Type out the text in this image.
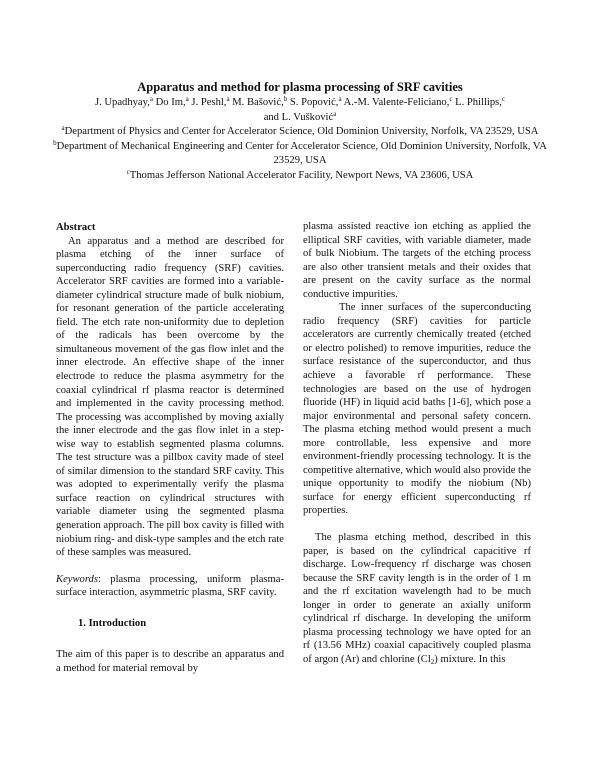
Apparatus and method for plasma processing of SRF cavities

J. Upadhyay,$^a$ Do Im,$^a$ J. Peshl,$^a$ M. Bašović,$^b$ S. Popović,$^a$ A.-M. Valente-Feliciano,$^c$ L. Phillips,$^c$
and L. Vušković$^a$

$^a$Department of Physics and Center for Accelerator Science, Old Dominion University, Norfolk, VA 23529, USA

$^b$Department of Mechanical Engineering and Center for Accelerator Science, Old Dominion University, Norfolk, VA 23529, USA

$^c$Thomas Jefferson National Accelerator Facility, Newport News, VA 23606, USA

Abstract

An apparatus and a method are described for plasma etching of the inner surface of superconducting radio frequency (SRF) cavities. Accelerator SRF cavities are formed into a variable-diameter cylindrical structure made of bulk niobium, for resonant generation of the particle accelerating field. The etch rate non-uniformity due to depletion of the radicals has been overcome by the simultaneous movement of the gas flow inlet and the inner electrode. An effective shape of the inner electrode to reduce the plasma asymmetry for the coaxial cylindrical rf plasma reactor is determined and implemented in the cavity processing method. The processing was accomplished by moving axially the inner electrode and the gas flow inlet in a step-wise way to establish segmented plasma columns. The test structure was a pillbox cavity made of steel of similar dimension to the standard SRF cavity. This was adopted to experimentally verify the plasma surface reaction on cylindrical structures with variable diameter using the segmented plasma generation approach. The pill box cavity is filled with niobium ring- and disk-type samples and the etch rate of these samples was measured.

Keywords: plasma processing, uniform plasma-surface interaction, asymmetric plasma, SRF cavity.

1. Introduction

The aim of this paper is to describe an apparatus and a method for material removal by

plasma assisted reactive ion etching as applied the elliptical SRF cavities, with variable diameter, made of bulk Niobium. The targets of the etching process are also other transient metals and their oxides that are present on the cavity surface as the normal conductive impurities.

The inner surfaces of the superconducting radio frequency (SRF) cavities for particle accelerators are currently chemically treated (etched or electro polished) to remove impurities, reduce the surface resistance of the superconductor, and thus achieve a favorable rf performance. These technologies are based on the use of hydrogen fluoride (HF) in liquid acid baths [1-6], which pose a major environmental and personal safety concern. The plasma etching method would present a much more controllable, less expensive and more environment-friendly processing technology. It is the competitive alternative, which would also provide the unique opportunity to modify the niobium (Nb) surface for energy efficient superconducting rf properties.

The plasma etching method, described in this paper, is based on the cylindrical capacitive rf discharge. Low-frequency rf discharge was chosen because the SRF cavity length is in the order of 1 m and the rf excitation wavelength had to be much longer in order to generate an axially uniform cylindrical rf discharge. In developing the uniform plasma processing technology we have opted for an rf (13.56 MHz) coaxial capacitively coupled plasma of argon (Ar) and chlorine $(Cl_2)$ mixture. In this
